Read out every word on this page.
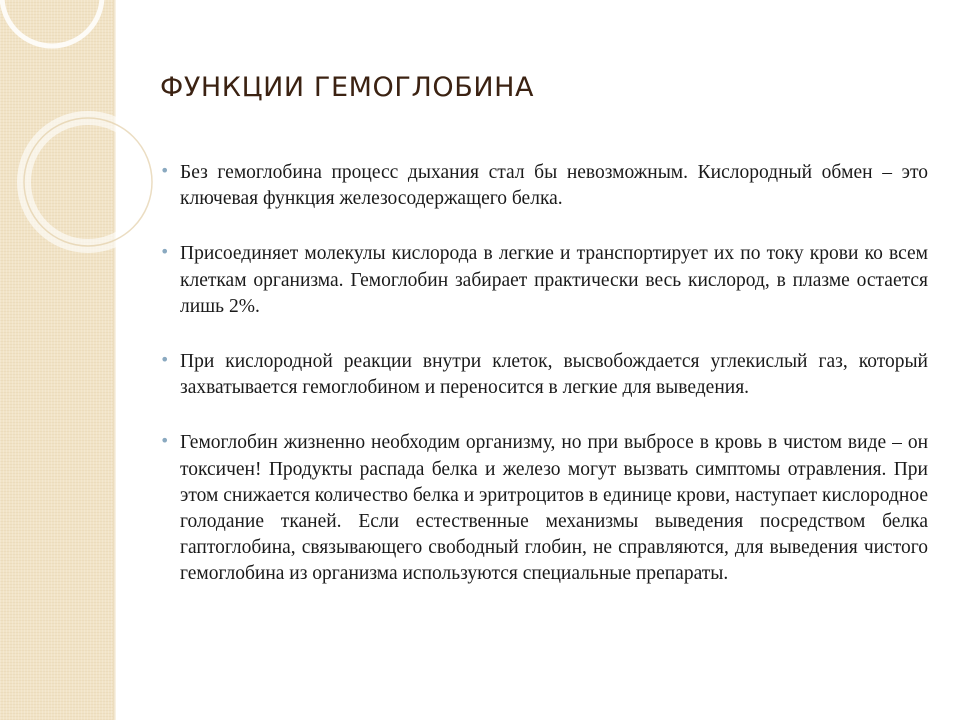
ФУНКЦИИ ГЕМОГЛОБИНА
• Без гемоглобина процесс дыхания стал бы невозможным. Кислородный обмен – это ключевая функция железосодержащего белка.
• Присоединяет молекулы кислорода в легкие и транспортирует их по току крови ко всем клеткам организма. Гемоглобин забирает практически весь кислород, в плазме остается лишь 2%.
• При кислородной реакции внутри клеток, высвобождается углекислый газ, который захватывается гемоглобином и переносится в легкие для выведения.
• Гемоглобин жизненно необходим организму, но при выбросе в кровь в чистом виде – он токсичен! Продукты распада белка и железо могут вызвать симптомы отравления. При этом снижается количество белка и эритроцитов в единице крови, наступает кислородное голодание тканей. Если естественные механизмы выведения посредством белка гаптоглобина, связывающего свободный глобин, не справляются, для выведения чистого гемоглобина из организма используются специальные препараты.
